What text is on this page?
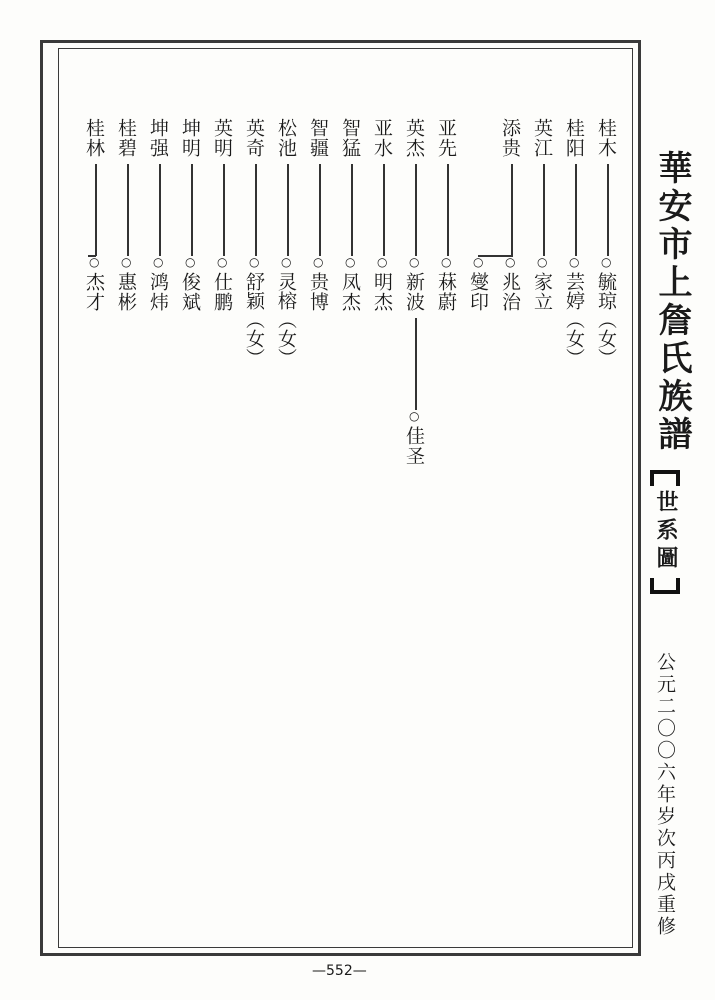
華安市上詹氏族譜
世系圖
公元二〇〇六年岁次丙戌重修
—552—
桂木
○
毓琼（女）
桂阳
○
芸婷（女）
英江
○
家立
添贵
○
兆治
○
燮印
亚先
○
菻蔚
英杰
○
新波
○
佳圣
亚水
○
明杰
智猛
○
凤杰
智疆
○
贵博
松池
○
灵榕（女）
英奇
○
舒颖（女）
英明
○
仕鹏
坤明
○
俊斌
坤强
○
鸿炜
桂碧
○
惠彬
桂林
○
杰才
